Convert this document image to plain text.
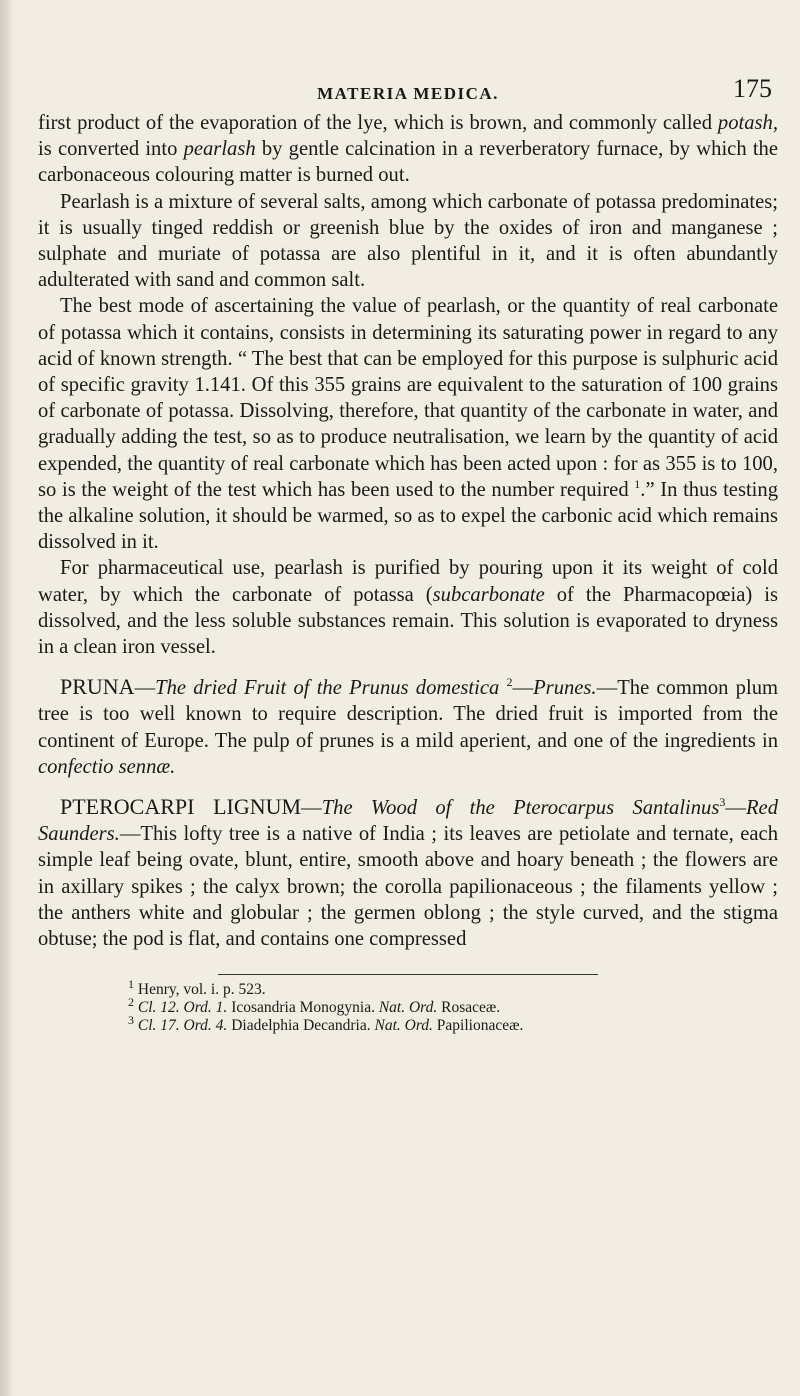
MATERIA MEDICA.	175

first product of the evaporation of the lye, which is brown, and commonly called potash, is converted into pearlash by gentle calcination in a reverberatory furnace, by which the carbonaceous colouring matter is burned out.

Pearlash is a mixture of several salts, among which carbonate of potassa predominates; it is usually tinged reddish or greenish blue by the oxides of iron and manganese ; sulphate and muriate of potassa are also plentiful in it, and it is often abundantly adulterated with sand and common salt.

The best mode of ascertaining the value of pearlash, or the quantity of real carbonate of potassa which it contains, consists in determining its saturating power in regard to any acid of known strength. “ The best that can be employed for this purpose is sulphuric acid of specific gravity 1.141. Of this 355 grains are equivalent to the saturation of 100 grains of carbonate of potassa. Dissolving, therefore, that quantity of the carbonate in water, and gradually adding the test, so as to produce neutralisation, we learn by the quantity of acid expended, the quantity of real carbonate which has been acted upon : for as 355 is to 100, so is the weight of the test which has been used to the number required $^1$.” In thus testing the alkaline solution, it should be warmed, so as to expel the carbonic acid which remains dissolved in it.

For pharmaceutical use, pearlash is purified by pouring upon it its weight of cold water, by which the carbonate of potassa (subcarbonate of the Pharmacopœia) is dissolved, and the less soluble substances remain. This solution is evaporated to dryness in a clean iron vessel.

PRUNA—The dried Fruit of the Prunus domestica $^2$—Prunes.—The common plum tree is too well known to require description. The dried fruit is imported from the continent of Europe. The pulp of prunes is a mild aperient, and one of the ingredients in confectio sennæ.

PTEROCARPI LIGNUM—The Wood of the Pterocarpus Santalinus$^3$—Red Saunders.—This lofty tree is a native of India ; its leaves are petiolate and ternate, each simple leaf being ovate, blunt, entire, smooth above and hoary beneath ; the flowers are in axillary spikes ; the calyx brown; the corolla papilionaceous ; the filaments yellow ; the anthers white and globular ; the germen oblong ; the style curved, and the stigma obtuse; the pod is flat, and contains one compressed

$^1$ Henry, vol. i. p. 523.
$^2$ Cl. 12. Ord. 1. Icosandria Monogynia. Nat. Ord. Rosaceæ.
$^3$ Cl. 17. Ord. 4. Diadelphia Decandria. Nat. Ord. Papilionaceæ.
